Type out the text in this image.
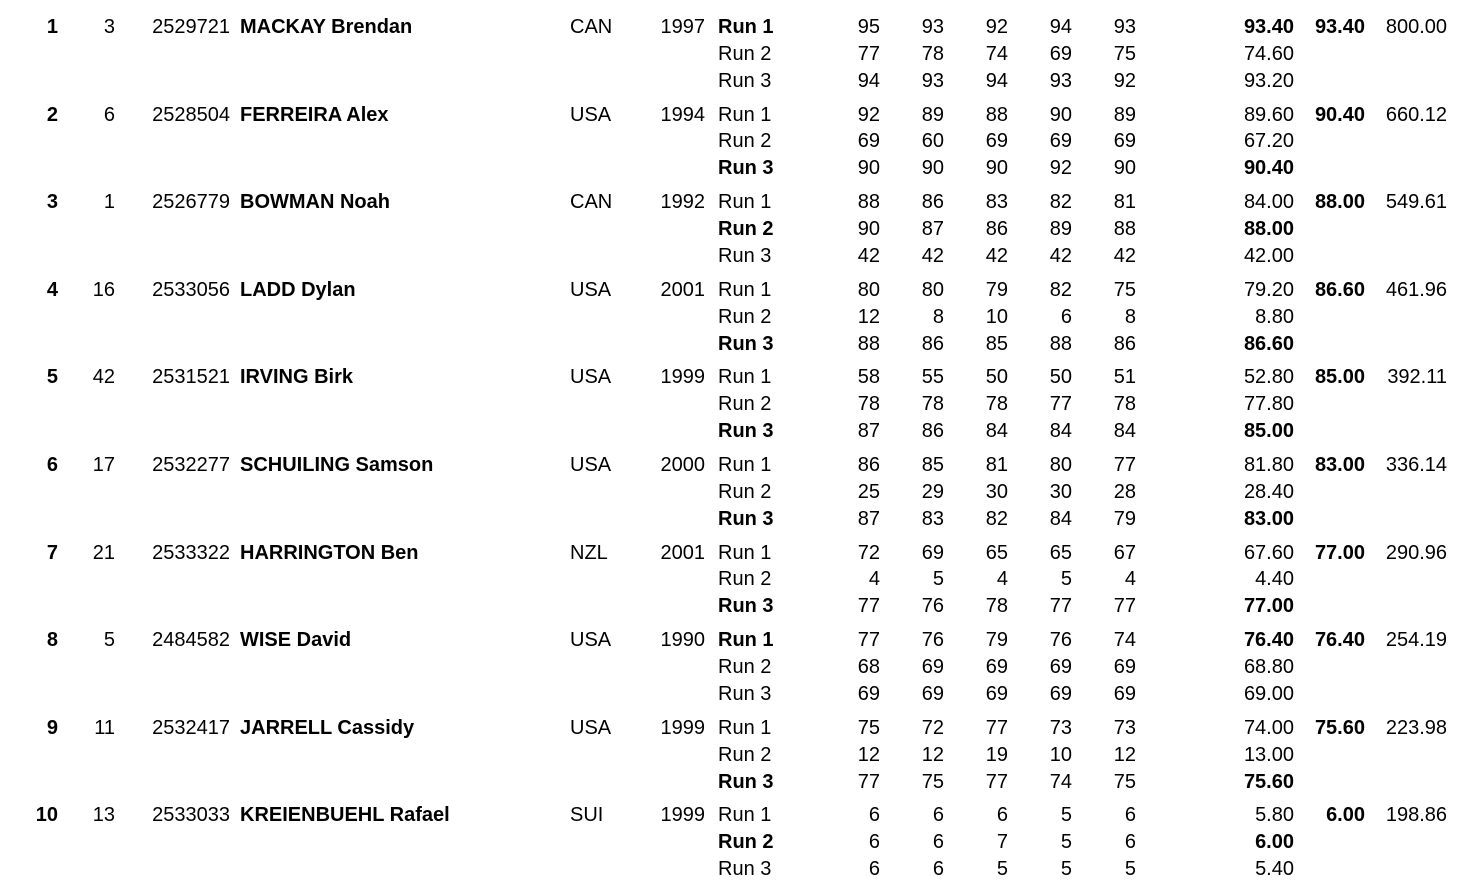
1	3	2529721 MACKAY Brendan	CAN	1997	93.40	800.00
Run 1	95	93	92	94	93	93.40
Run 2	77	78	74	69	75	74.60
Run 3	94	93	94	93	92	93.20
2	6	2528504 FERREIRA Alex	USA	1994	90.40	660.12
Run 1	92	89	88	90	89	89.60
Run 2	69	60	69	69	69	67.20
Run 3	90	90	90	92	90	90.40
3	1	2526779 BOWMAN Noah	CAN	1992	88.00	549.61
Run 1	88	86	83	82	81	84.00
Run 2	90	87	86	89	88	88.00
Run 3	42	42	42	42	42	42.00
4	16	2533056 LADD Dylan	USA	2001	86.60	461.96
Run 1	80	80	79	82	75	79.20
Run 2	12	8	10	6	8	8.80
Run 3	88	86	85	88	86	86.60
5	42	2531521 IRVING Birk	USA	1999	85.00	392.11
Run 1	58	55	50	50	51	52.80
Run 2	78	78	78	77	78	77.80
Run 3	87	86	84	84	84	85.00
6	17	2532277 SCHUILING Samson	USA	2000	83.00	336.14
Run 1	86	85	81	80	77	81.80
Run 2	25	29	30	30	28	28.40
Run 3	87	83	82	84	79	83.00
7	21	2533322 HARRINGTON Ben	NZL	2001	77.00	290.96
Run 1	72	69	65	65	67	67.60
Run 2	4	5	4	5	4	4.40
Run 3	77	76	78	77	77	77.00
8	5	2484582 WISE David	USA	1990	76.40	254.19
Run 1	77	76	79	76	74	76.40
Run 2	68	69	69	69	69	68.80
Run 3	69	69	69	69	69	69.00
9	11	2532417 JARRELL Cassidy	USA	1999	75.60	223.98
Run 1	75	72	77	73	73	74.00
Run 2	12	12	19	10	12	13.00
Run 3	77	75	77	74	75	75.60
10	13	2533033 KREIENBUEHL Rafael	SUI	1999	6.00	198.86
Run 1	6	6	6	5	6	5.80
Run 2	6	6	7	5	6	6.00
Run 3	6	6	5	5	5	5.40
